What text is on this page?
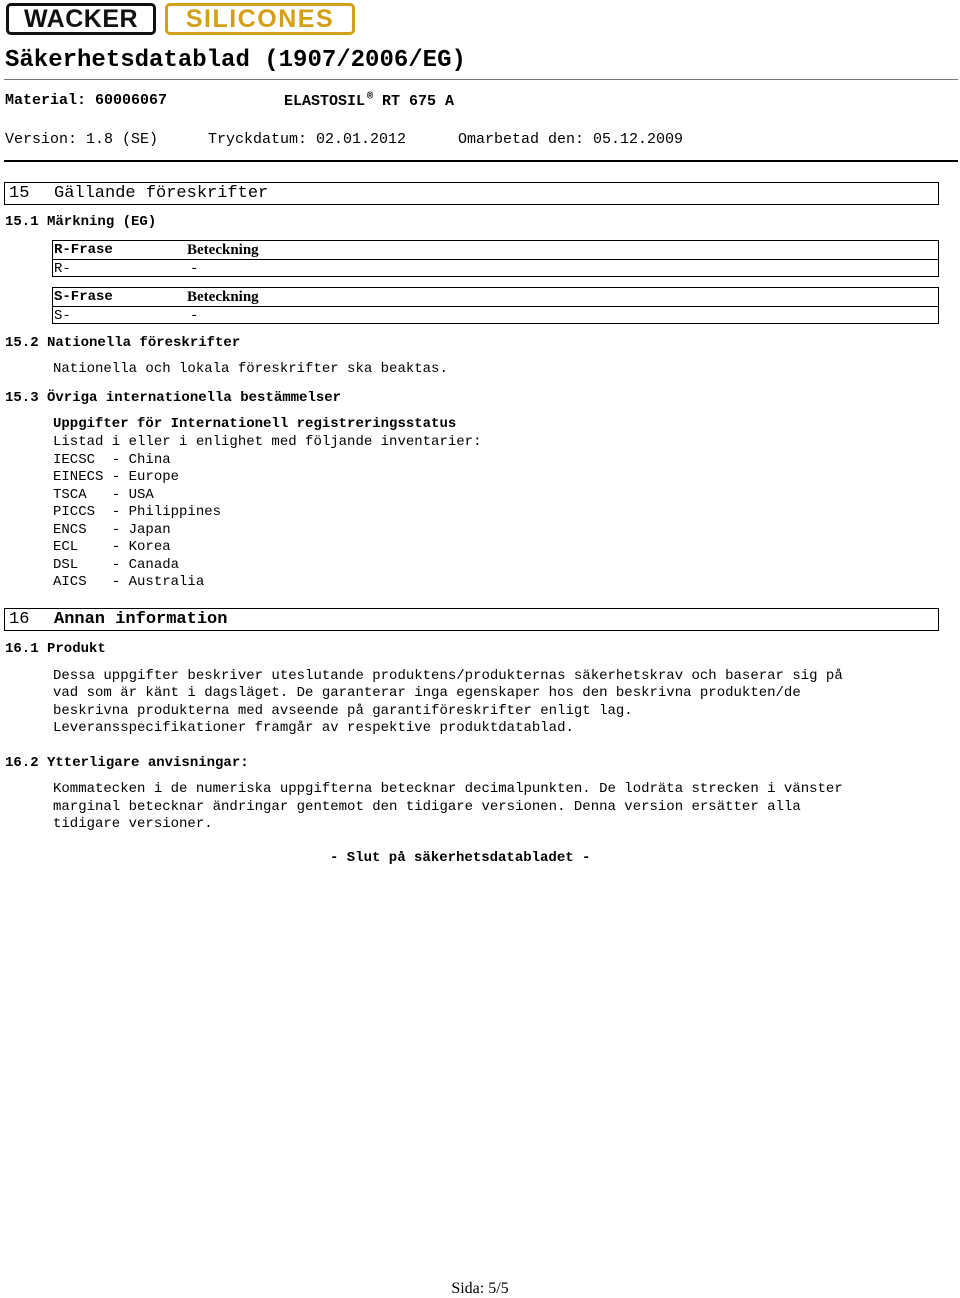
WACKER SILICONES
Säkerhetsdatablad (1907/2006/EG)
Material: 60006067	ELASTOSIL ® RT 675 A
Version: 1.8 (SE)	Tryckdatum: 02.01.2012	Omarbetad den: 05.12.2009
15 Gällande föreskrifter
15.1 Märkning (EG)
R-Frase	Beteckning
R-	-
S-Frase	Beteckning
S-	-
15.2 Nationella föreskrifter
Nationella och lokala föreskrifter ska beaktas.
15.3 Övriga internationella bestämmelser
Uppgifter för Internationell registreringsstatus
Listad i eller i enlighet med följande inventarier:
IECSC  - China
EINECS - Europe
TSCA   - USA
PICCS  - Philippines
ENCS   - Japan
ECL    - Korea
DSL    - Canada
AICS   - Australia
16 Annan information
16.1 Produkt
Dessa uppgifter beskriver uteslutande produktens/produkternas säkerhetskrav och baserar sig på
vad som är känt i dagsläget. De garanterar inga egenskaper hos den beskrivna produkten/de
beskrivna produkterna med avseende på garantiföreskrifter enligt lag.
Leveransspecifikationer framgår av respektive produktdatablad.
16.2 Ytterligare anvisningar:
Kommatecken i de numeriska uppgifterna betecknar decimalpunkten. De lodräta strecken i vänster
marginal betecknar ändringar gentemot den tidigare versionen. Denna version ersätter alla
tidigare versioner.
- Slut på säkerhetsdatabladet -
Sida: 5/5
